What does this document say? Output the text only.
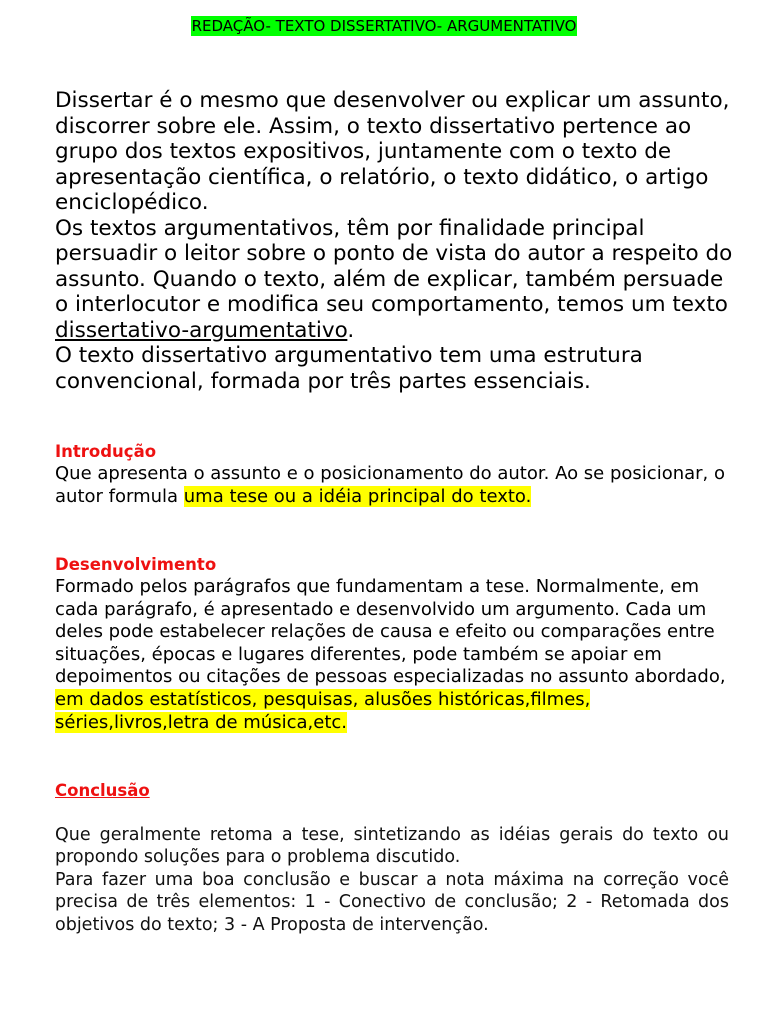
REDAÇÃO- TEXTO DISSERTATIVO- ARGUMENTATIVO

Dissertar é o mesmo que desenvolver ou explicar um assunto, discorrer sobre ele. Assim, o texto dissertativo pertence ao grupo dos textos expositivos, juntamente com o texto de apresentação científica, o relatório, o texto didático, o artigo enciclopédico.

Os textos argumentativos, têm por finalidade principal persuadir o leitor sobre o ponto de vista do autor a respeito do assunto. Quando o texto, além de explicar, também persuade o interlocutor e modifica seu comportamento, temos um texto dissertativo-argumentativo.

O texto dissertativo argumentativo tem uma estrutura convencional, formada por três partes essenciais.

Introdução

Que apresenta o assunto e o posicionamento do autor. Ao se posicionar, o autor formula uma tese ou a idéia principal do texto.

Desenvolvimento

Formado pelos parágrafos que fundamentam a tese. Normalmente, em cada parágrafo, é apresentado e desenvolvido um argumento. Cada um deles pode estabelecer relações de causa e efeito ou comparações entre situações, épocas e lugares diferentes, pode também se apoiar em depoimentos ou citações de pessoas especializadas no assunto abordado, em dados estatísticos, pesquisas, alusões históricas,filmes, séries,livros,letra de música,etc.

Conclusão

Que geralmente retoma a tese, sintetizando as idéias gerais do texto ou propondo soluções para o problema discutido.

Para fazer uma boa conclusão e buscar a nota máxima na correção você precisa de três elementos: 1 - Conectivo de conclusão; 2 - Retomada dos objetivos do texto; 3 - A Proposta de intervenção.
